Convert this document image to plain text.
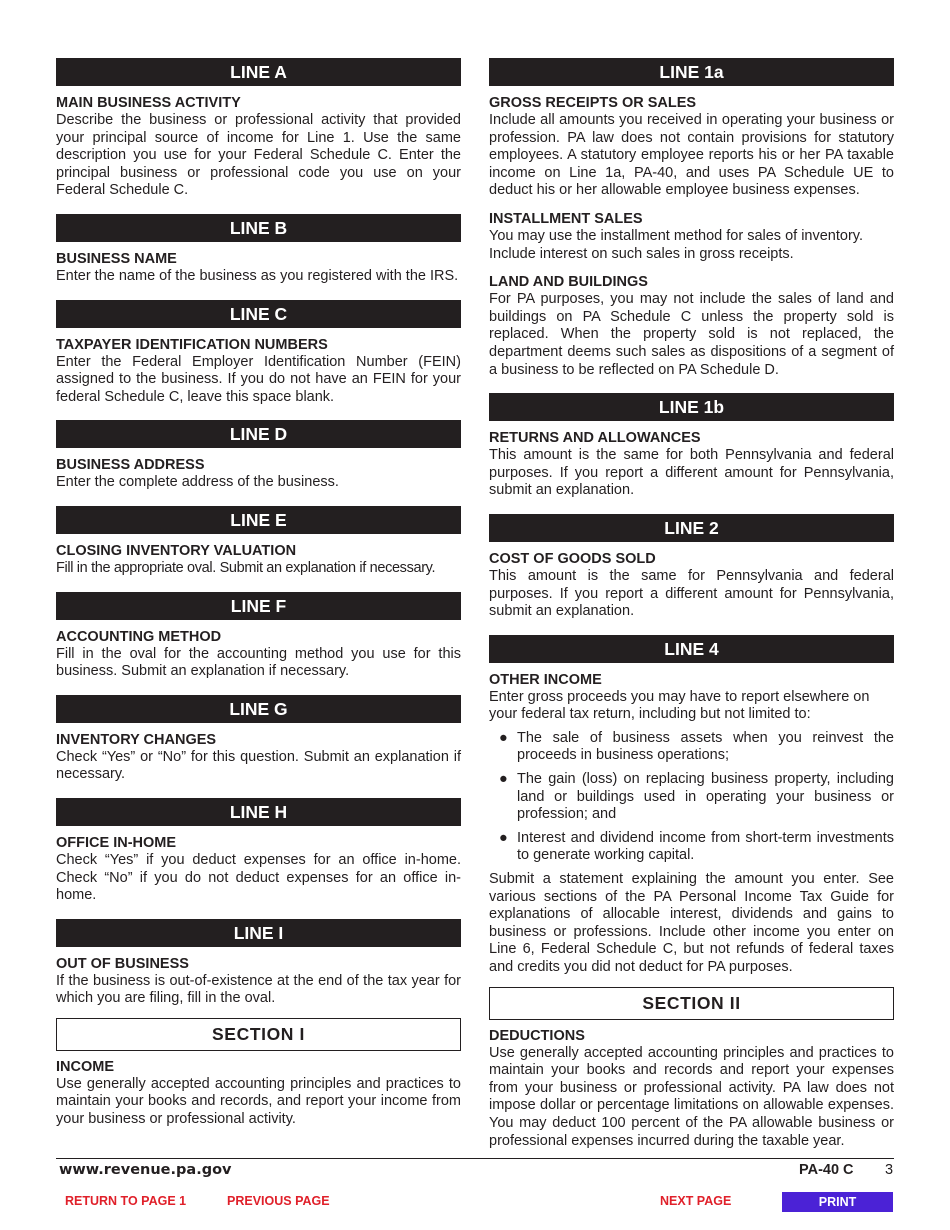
LINE A
MAIN BUSINESS ACTIVITY
Describe the business or professional activity that provided your principal source of income for Line 1. Use the same description you use for your Federal Schedule C. Enter the principal business or professional code you use on your Federal Schedule C.
LINE B
BUSINESS NAME
Enter the name of the business as you registered with the IRS.
LINE C
TAXPAYER IDENTIFICATION NUMBERS
Enter the Federal Employer Identification Number (FEIN) assigned to the business. If you do not have an FEIN for your federal Schedule C, leave this space blank.
LINE D
BUSINESS ADDRESS
Enter the complete address of the business.
LINE E
CLOSING INVENTORY VALUATION
Fill in the appropriate oval. Submit an explanation if necessary.
LINE F
ACCOUNTING METHOD
Fill in the oval for the accounting method you use for this business. Submit an explanation if necessary.
LINE G
INVENTORY CHANGES
Check “Yes” or “No” for this question. Submit an explanation if necessary.
LINE H
OFFICE IN-HOME
Check “Yes” if you deduct expenses for an office in-home. Check “No” if you do not deduct expenses for an office in-home.
LINE I
OUT OF BUSINESS
If the business is out-of-existence at the end of the tax year for which you are filing, fill in the oval.
SECTION I
INCOME
Use generally accepted accounting principles and practices to maintain your books and records, and report your income from your business or professional activity.
LINE 1a
GROSS RECEIPTS OR SALES
Include all amounts you received in operating your business or profession. PA law does not contain provisions for statutory employees. A statutory employee reports his or her PA taxable income on Line 1a, PA-40, and uses PA Schedule UE to deduct his or her allowable employee business expenses.
INSTALLMENT SALES
You may use the installment method for sales of inventory. Include interest on such sales in gross receipts.
LAND AND BUILDINGS
For PA purposes, you may not include the sales of land and buildings on PA Schedule C unless the property sold is replaced. When the property sold is not replaced, the department deems such sales as dispositions of a segment of a business to be reflected on PA Schedule D.
LINE 1b
RETURNS AND ALLOWANCES
This amount is the same for both Pennsylvania and federal purposes. If you report a different amount for Pennsylvania, submit an explanation.
LINE 2
COST OF GOODS SOLD
This amount is the same for Pennsylvania and federal purposes. If you report a different amount for Pennsylvania, submit an explanation.
LINE 4
OTHER INCOME
Enter gross proceeds you may have to report elsewhere on your federal tax return, including but not limited to:
● The sale of business assets when you reinvest the proceeds in business operations;
● The gain (loss) on replacing business property, including land or buildings used in operating your business or profession; and
● Interest and dividend income from short-term investments to generate working capital.
Submit a statement explaining the amount you enter. See various sections of the PA Personal Income Tax Guide for explanations of allocable interest, dividends and gains to business or professions. Include other income you enter on Line 6, Federal Schedule C, but not refunds of federal taxes and credits you did not deduct for PA purposes.
SECTION II
DEDUCTIONS
Use generally accepted accounting principles and practices to maintain your books and records and report your expenses from your business or professional activity. PA law does not impose dollar or percentage limitations on allowable expenses. You may deduct 100 percent of the PA allowable business or professional expenses incurred during the taxable year.
www.revenue.pa.gov	PA-40 C 3
RETURN TO PAGE 1	PREVIOUS PAGE	NEXT PAGE	PRINT
